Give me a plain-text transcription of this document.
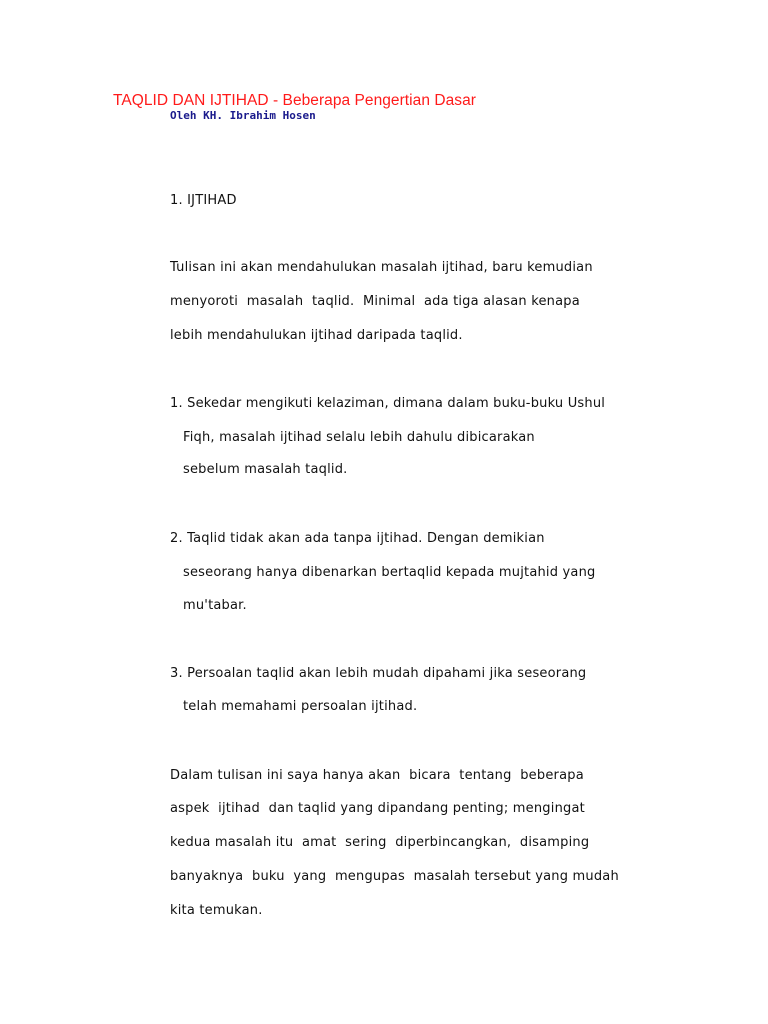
TAQLID DAN IJTIHAD - Beberapa Pengertian Dasar
Oleh KH. Ibrahim Hosen
1. IJTIHAD
Tulisan ini akan mendahulukan masalah ijtihad, baru kemudian
menyoroti  masalah  taqlid.  Minimal  ada tiga alasan kenapa
lebih mendahulukan ijtihad daripada taqlid.
1. Sekedar mengikuti kelaziman, dimana dalam buku-buku Ushul
Fiqh, masalah ijtihad selalu lebih dahulu dibicarakan
sebelum masalah taqlid.
2. Taqlid tidak akan ada tanpa ijtihad. Dengan demikian
seseorang hanya dibenarkan bertaqlid kepada mujtahid yang
mu'tabar.
3. Persoalan taqlid akan lebih mudah dipahami jika seseorang
telah memahami persoalan ijtihad.
Dalam tulisan ini saya hanya akan  bicara  tentang  beberapa
aspek  ijtihad  dan taqlid yang dipandang penting; mengingat
kedua masalah itu  amat  sering  diperbincangkan,  disamping
banyaknya  buku  yang  mengupas  masalah tersebut yang mudah
kita temukan.
